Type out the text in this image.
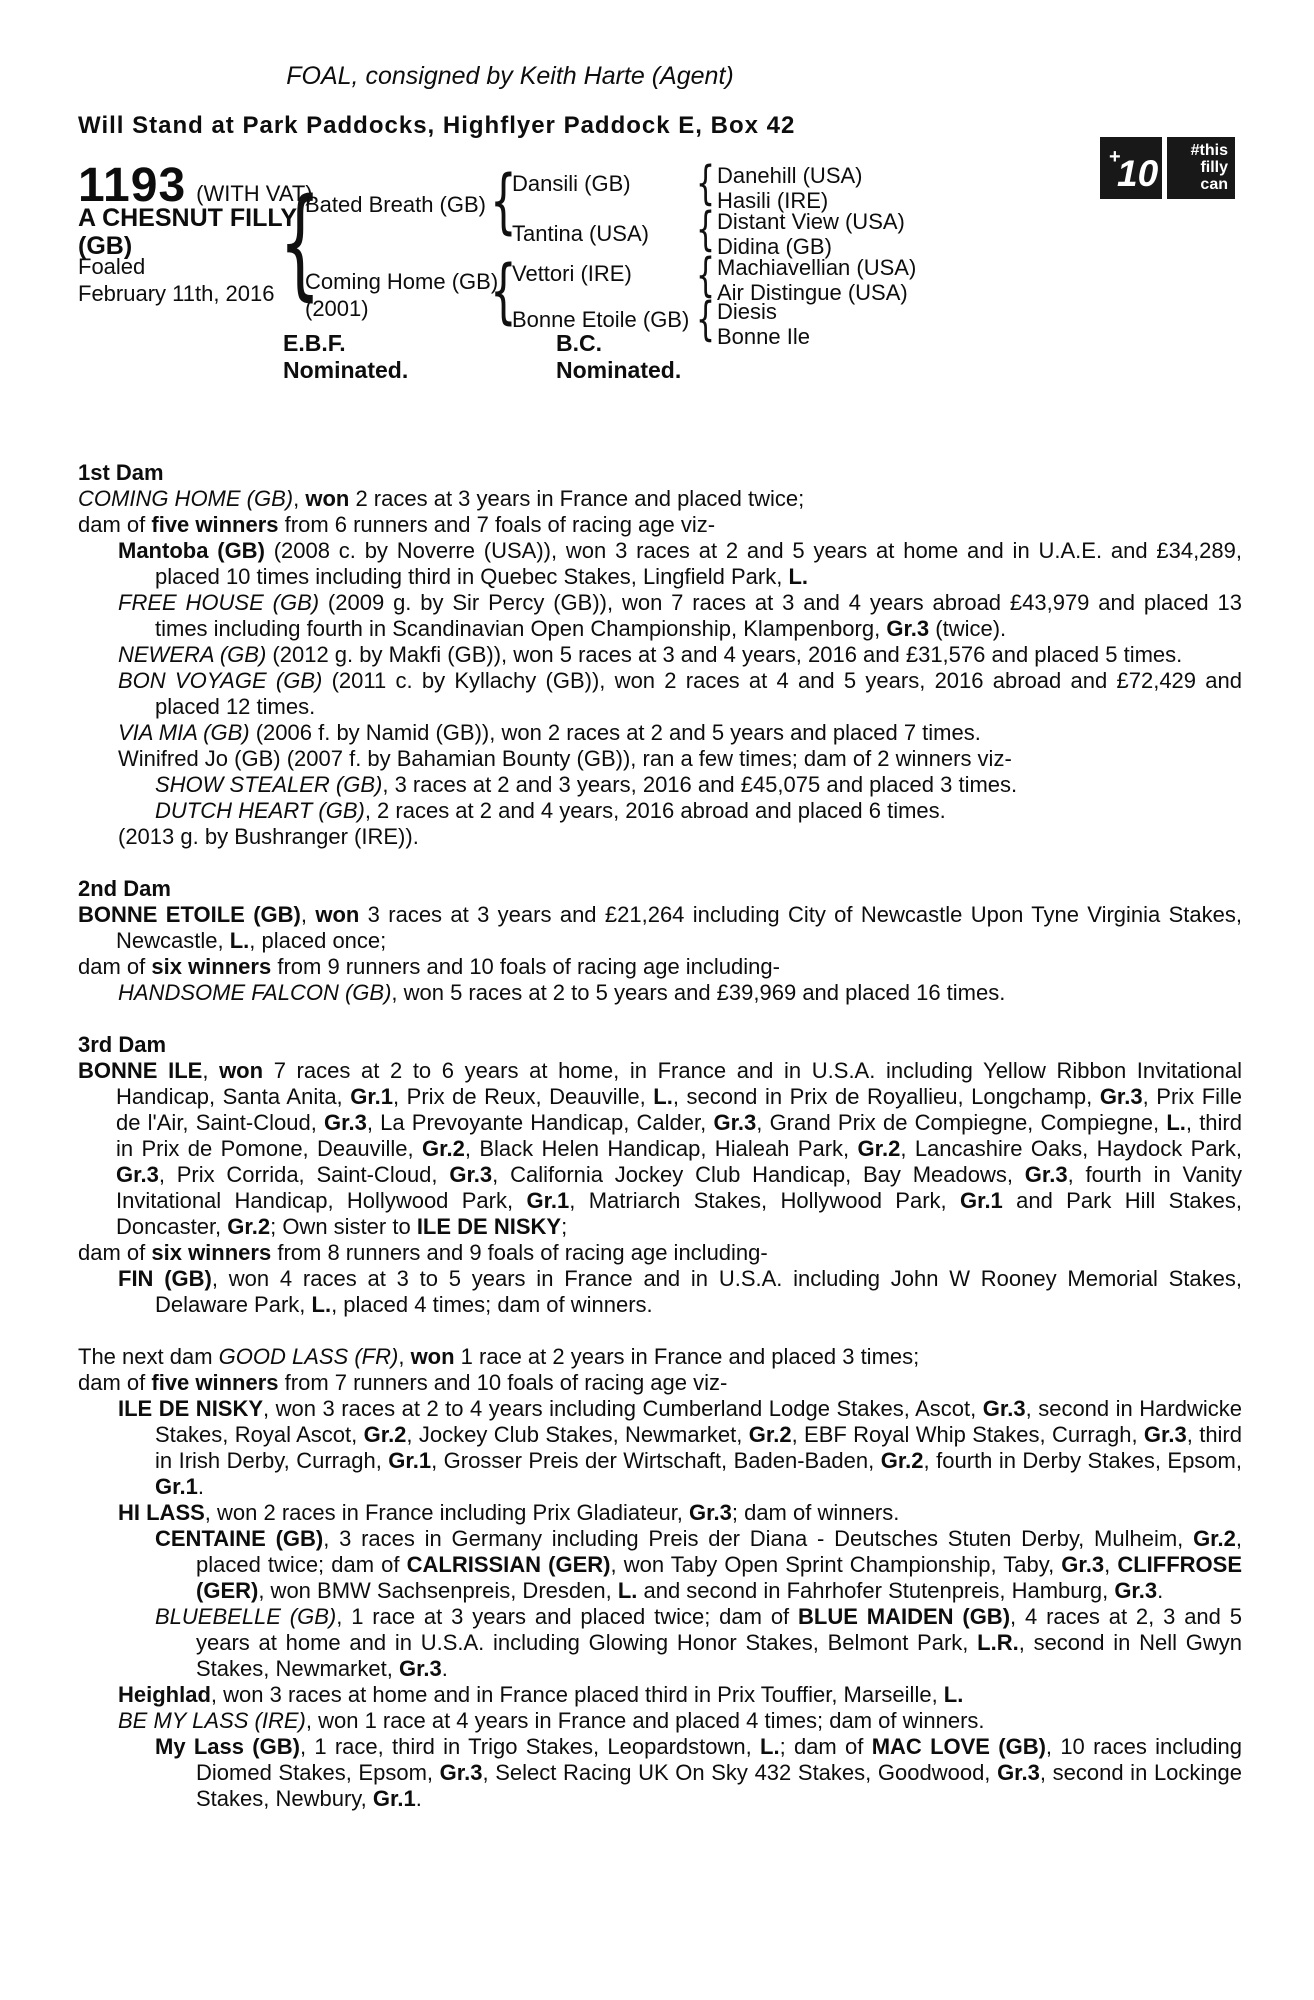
FOAL, consigned by Keith Harte (Agent)
Will Stand at Park Paddocks, Highflyer Paddock E, Box 42
+
10
#this
filly
can
1193 (WITH VAT)
A CHESNUT FILLY
(GB)
Foaled
February 11th, 2016
{
{
{
{
{
{
{
Bated Breath (GB)
Coming Home (GB)
(2001)
Dansili (GB)
Tantina (USA)
Vettori (IRE)
Bonne Etoile (GB)
Danehill (USA)
Hasili (IRE)
Distant View (USA)
Didina (GB)
Machiavellian (USA)
Air Distingue (USA)
Diesis
Bonne Ile
E.B.F. Nominated.
B.C. Nominated.
1st Dam

COMING HOME (GB), won 2 races at 3 years in France and placed twice;

dam of five winners from 6 runners and 7 foals of racing age viz-

Mantoba (GB) (2008 c. by Noverre (USA)), won 3 races at 2 and 5 years at home and in U.A.E. and £34,289, placed 10 times including third in Quebec Stakes, Lingfield Park, L.

FREE HOUSE (GB) (2009 g. by Sir Percy (GB)), won 7 races at 3 and 4 years abroad £43,979 and placed 13 times including fourth in Scandinavian Open Championship, Klampenborg, Gr.3 (twice).

NEWERA (GB) (2012 g. by Makfi (GB)), won 5 races at 3 and 4 years, 2016 and £31,576 and placed 5 times.

BON VOYAGE (GB) (2011 c. by Kyllachy (GB)), won 2 races at 4 and 5 years, 2016 abroad and £72,429 and placed 12 times.

VIA MIA (GB) (2006 f. by Namid (GB)), won 2 races at 2 and 5 years and placed 7 times.

Winifred Jo (GB) (2007 f. by Bahamian Bounty (GB)), ran a few times; dam of 2 winners viz-

SHOW STEALER (GB), 3 races at 2 and 3 years, 2016 and £45,075 and placed 3 times.

DUTCH HEART (GB), 2 races at 2 and 4 years, 2016 abroad and placed 6 times.

(2013 g. by Bushranger (IRE)).

2nd Dam

BONNE ETOILE (GB), won 3 races at 3 years and £21,264 including City of Newcastle Upon Tyne Virginia Stakes, Newcastle, L., placed once;

dam of six winners from 9 runners and 10 foals of racing age including-

HANDSOME FALCON (GB), won 5 races at 2 to 5 years and £39,969 and placed 16 times.

3rd Dam

BONNE ILE, won 7 races at 2 to 6 years at home, in France and in U.S.A. including Yellow Ribbon Invitational Handicap, Santa Anita, Gr.1, Prix de Reux, Deauville, L., second in Prix de Royallieu, Longchamp, Gr.3, Prix Fille de l'Air, Saint-Cloud, Gr.3, La Prevoyante Handicap, Calder, Gr.3, Grand Prix de Compiegne, Compiegne, L., third in Prix de Pomone, Deauville, Gr.2, Black Helen Handicap, Hialeah Park, Gr.2, Lancashire Oaks, Haydock Park, Gr.3, Prix Corrida, Saint-Cloud, Gr.3, California Jockey Club Handicap, Bay Meadows, Gr.3, fourth in Vanity Invitational Handicap, Hollywood Park, Gr.1, Matriarch Stakes, Hollywood Park, Gr.1 and Park Hill Stakes, Doncaster, Gr.2; Own sister to ILE DE NISKY;

dam of six winners from 8 runners and 9 foals of racing age including-

FIN (GB), won 4 races at 3 to 5 years in France and in U.S.A. including John W Rooney Memorial Stakes, Delaware Park, L., placed 4 times; dam of winners.

The next dam GOOD LASS (FR), won 1 race at 2 years in France and placed 3 times;

dam of five winners from 7 runners and 10 foals of racing age viz-

ILE DE NISKY, won 3 races at 2 to 4 years including Cumberland Lodge Stakes, Ascot, Gr.3, second in Hardwicke Stakes, Royal Ascot, Gr.2, Jockey Club Stakes, Newmarket, Gr.2, EBF Royal Whip Stakes, Curragh, Gr.3, third in Irish Derby, Curragh, Gr.1, Grosser Preis der Wirtschaft, Baden-Baden, Gr.2, fourth in Derby Stakes, Epsom, Gr.1.

HI LASS, won 2 races in France including Prix Gladiateur, Gr.3; dam of winners.

CENTAINE (GB), 3 races in Germany including Preis der Diana - Deutsches Stuten Derby, Mulheim, Gr.2, placed twice; dam of CALRISSIAN (GER), won Taby Open Sprint Championship, Taby, Gr.3, CLIFFROSE (GER), won BMW Sachsenpreis, Dresden, L. and second in Fahrhofer Stutenpreis, Hamburg, Gr.3.

BLUEBELLE (GB), 1 race at 3 years and placed twice; dam of BLUE MAIDEN (GB), 4 races at 2, 3 and 5 years at home and in U.S.A. including Glowing Honor Stakes, Belmont Park, L.R., second in Nell Gwyn Stakes, Newmarket, Gr.3.

Heighlad, won 3 races at home and in France placed third in Prix Touffier, Marseille, L.

BE MY LASS (IRE), won 1 race at 4 years in France and placed 4 times; dam of winners.

My Lass (GB), 1 race, third in Trigo Stakes, Leopardstown, L.; dam of MAC LOVE (GB), 10 races including Diomed Stakes, Epsom, Gr.3, Select Racing UK On Sky 432 Stakes, Goodwood, Gr.3, second in Lockinge Stakes, Newbury, Gr.1.
